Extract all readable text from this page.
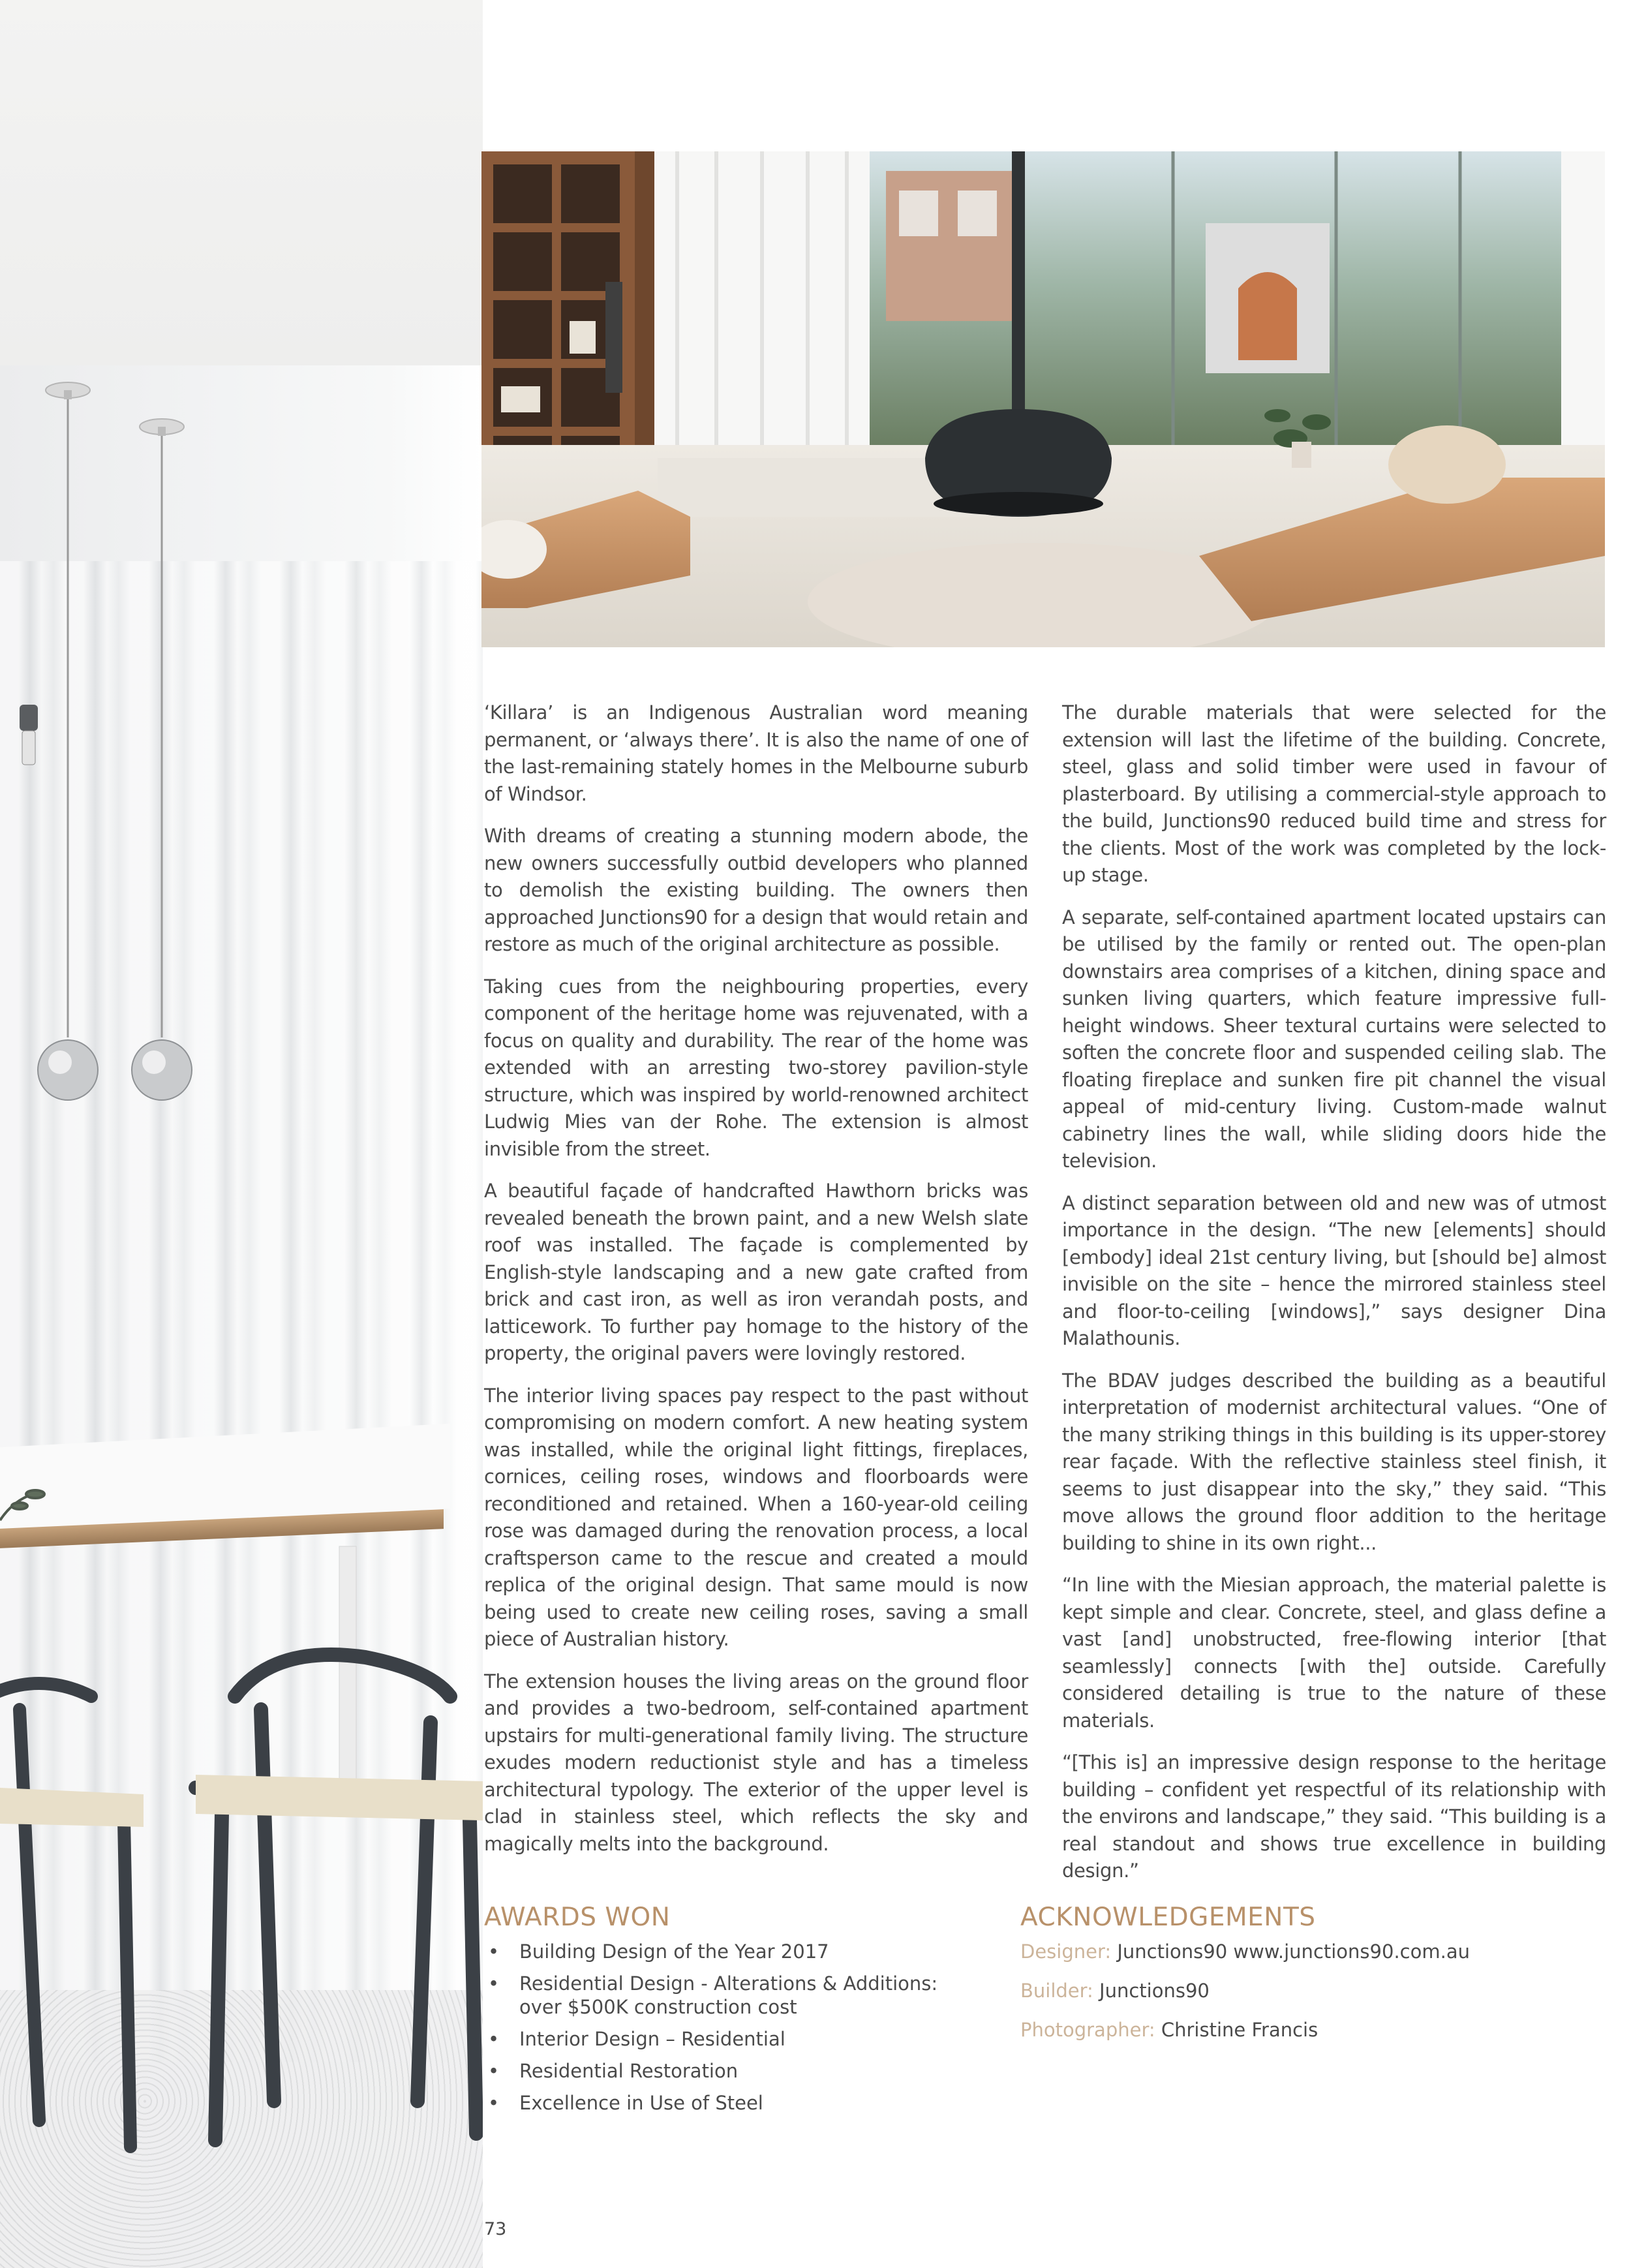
‘Killara’ is an Indigenous Australian word meaning permanent, or ‘always there’. It is also the name of one of the last-remaining stately homes in the Melbourne suburb of Windsor.

With dreams of creating a stunning modern abode, the new owners successfully outbid developers who planned to demolish the existing building. The owners then approached Junctions90 for a design that would retain and restore as much of the original architecture as possible.

Taking cues from the neighbouring properties, every component of the heritage home was rejuvenated, with a focus on quality and durability. The rear of the home was extended with an arresting two-storey pavilion-style structure, which was inspired by world-renowned architect Ludwig Mies van der Rohe. The extension is almost invisible from the street.

A beautiful façade of handcrafted Hawthorn bricks was revealed beneath the brown paint, and a new Welsh slate roof was installed. The façade is complemented by English-style landscaping and a new gate crafted from brick and cast iron, as well as iron verandah posts, and latticework. To further pay homage to the history of the property, the original pavers were lovingly restored.

The interior living spaces pay respect to the past without compromising on modern comfort. A new heating system was installed, while the original light fittings, fireplaces, cornices, ceiling roses, windows and floorboards were reconditioned and retained. When a 160-year-old ceiling rose was damaged during the renovation process, a local craftsperson came to the rescue and created a mould replica of the original design. That same mould is now being used to create new ceiling roses, saving a small piece of Australian history.

The extension houses the living areas on the ground floor and provides a two-bedroom, self-contained apartment upstairs for multi-generational family living. The structure exudes modern reductionist style and has a timeless architectural typology. The exterior of the upper level is clad in stainless steel, which reflects the sky and magically melts into the background.

The durable materials that were selected for the extension will last the lifetime of the building. Concrete, steel, glass and solid timber were used in favour of plasterboard. By utilising a commercial-style approach to the build, Junctions90 reduced build time and stress for the clients. Most of the work was completed by the lock-up stage.

A separate, self-contained apartment located upstairs can be utilised by the family or rented out. The open-plan downstairs area comprises of a kitchen, dining space and sunken living quarters, which feature impressive full-height windows. Sheer textural curtains were selected to soften the concrete floor and suspended ceiling slab. The floating fireplace and sunken fire pit channel the visual appeal of mid-century living. Custom-made walnut cabinetry lines the wall, while sliding doors hide the television.

A distinct separation between old and new was of utmost importance in the design. “The new [elements] should [embody] ideal 21st century living, but [should be] almost invisible on the site – hence the mirrored stainless steel and floor-to-ceiling [windows],” says designer Dina Malathounis.

The BDAV judges described the building as a beautiful interpretation of modernist architectural values. “One of the many striking things in this building is its upper-storey rear façade. With the reflective stainless steel finish, it seems to just disappear into the sky,” they said. “This move allows the ground floor addition to the heritage building to shine in its own right...

“In line with the Miesian approach, the material palette is kept simple and clear. Concrete, steel, and glass define a vast [and] unobstructed, free-flowing interior [that seamlessly] connects [with the] outside. Carefully considered detailing is true to the nature of these materials.

“[This is] an impressive design response to the heritage building – confident yet respectful of its relationship with the environs and landscape,” they said. “This building is a real standout and shows true excellence in building design.”

AWARDS WON
• Building Design of the Year 2017
• Residential Design - Alterations & Additions: over $500K construction cost
• Interior Design – Residential
• Residential Restoration
• Excellence in Use of Steel
ACKNOWLEDGEMENTS
Designer: Junctions90 www.junctions90.com.au
Builder: Junctions90
Photographer: Christine Francis
73
